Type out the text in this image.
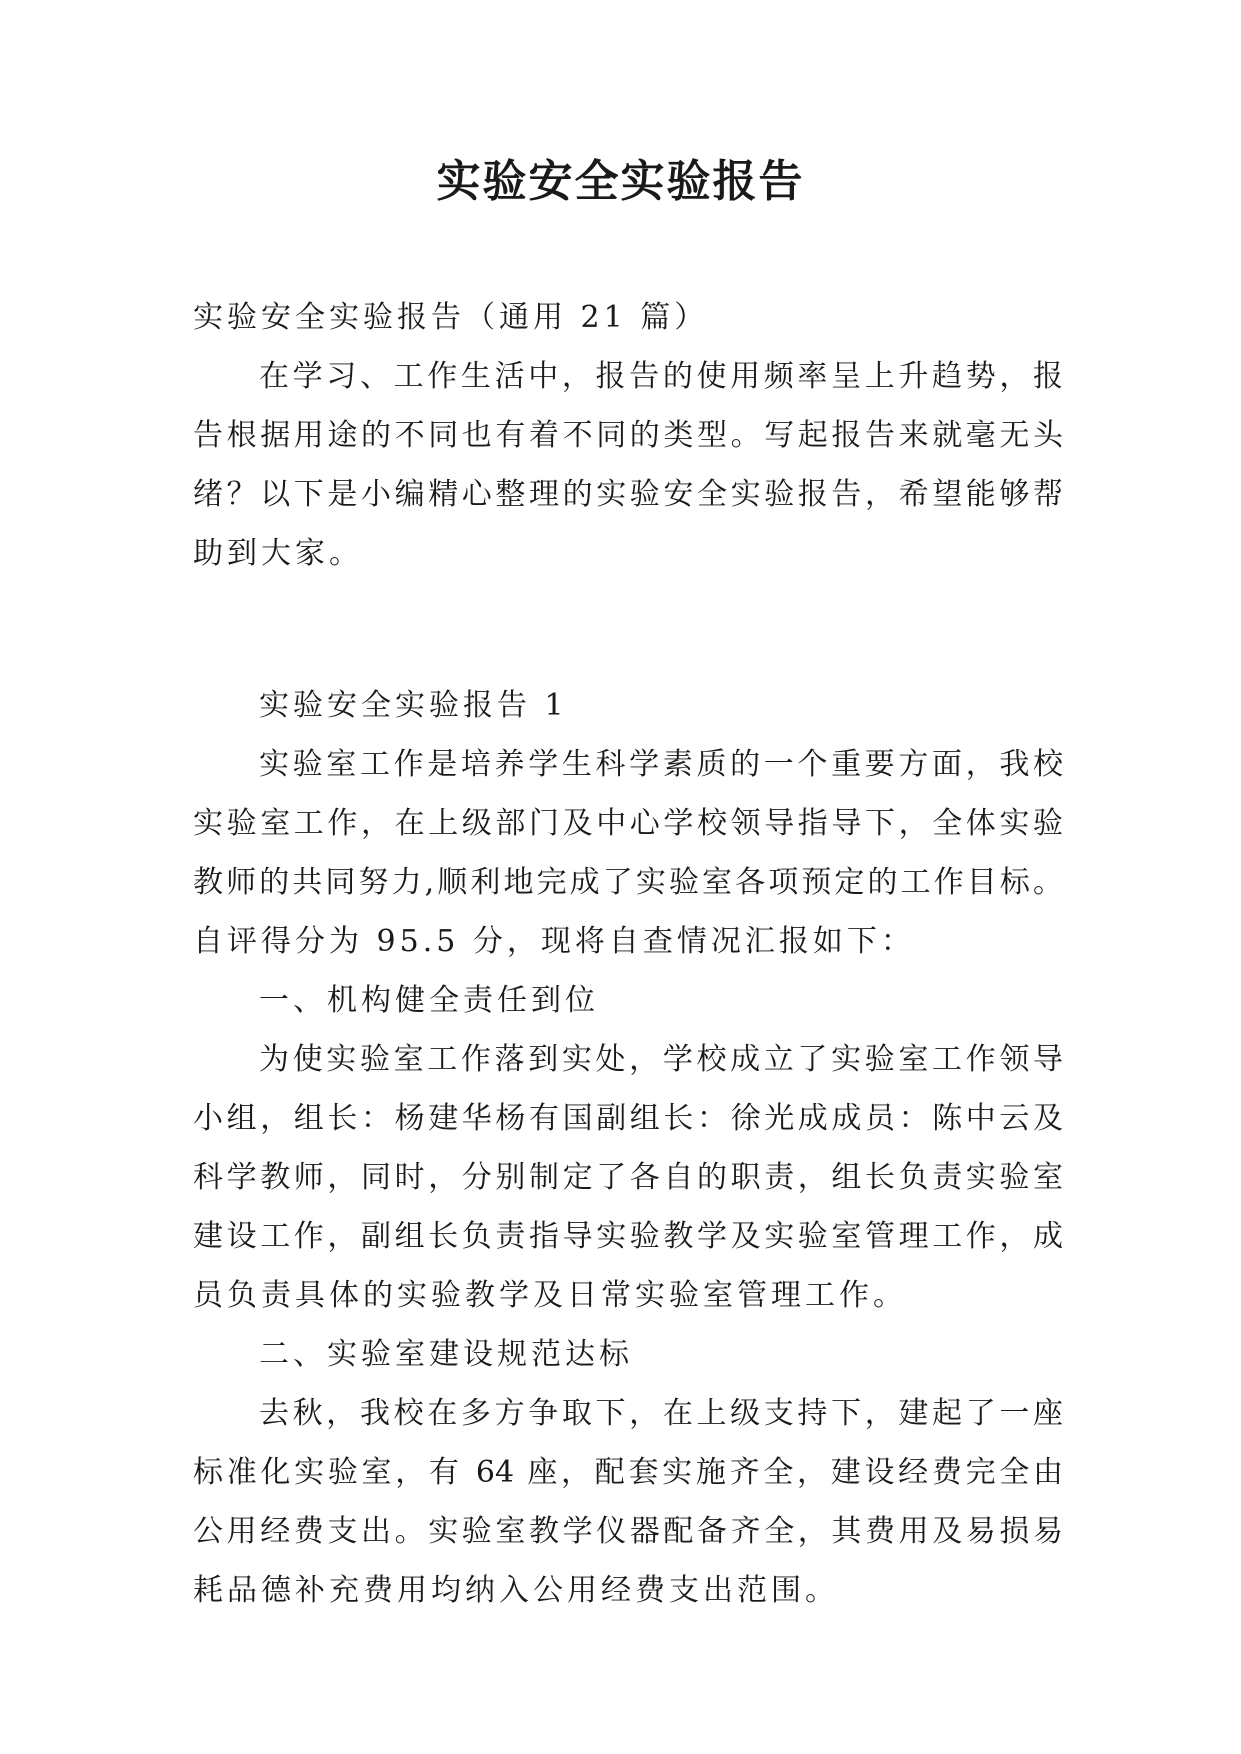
实验安全实验报告

实验安全实验报告（通用 21 篇）

在学习、工作生活中，报告的使用频率呈上升趋势，报

告根据用途的不同也有着不同的类型。写起报告来就毫无头

绪？以下是小编精心整理的实验安全实验报告，希望能够帮

助到大家。

实验安全实验报告 1

实验室工作是培养学生科学素质的一个重要方面，我校

实验室工作，在上级部门及中心学校领导指导下，全体实验

教师的共同努力,顺利地完成了实验室各项预定的工作目标。

自评得分为 95.5 分，现将自查情况汇报如下：

一、机构健全责任到位

为使实验室工作落到实处，学校成立了实验室工作领导

小组，组长：杨建华杨有国副组长：徐光成成员：陈中云及

科学教师，同时，分别制定了各自的职责，组长负责实验室

建设工作，副组长负责指导实验教学及实验室管理工作，成

员负责具体的实验教学及日常实验室管理工作。

二、实验室建设规范达标

去秋，我校在多方争取下，在上级支持下，建起了一座

标准化实验室，有 64 座，配套实施齐全，建设经费完全由

公用经费支出。实验室教学仪器配备齐全，其费用及易损易

耗品德补充费用均纳入公用经费支出范围。
